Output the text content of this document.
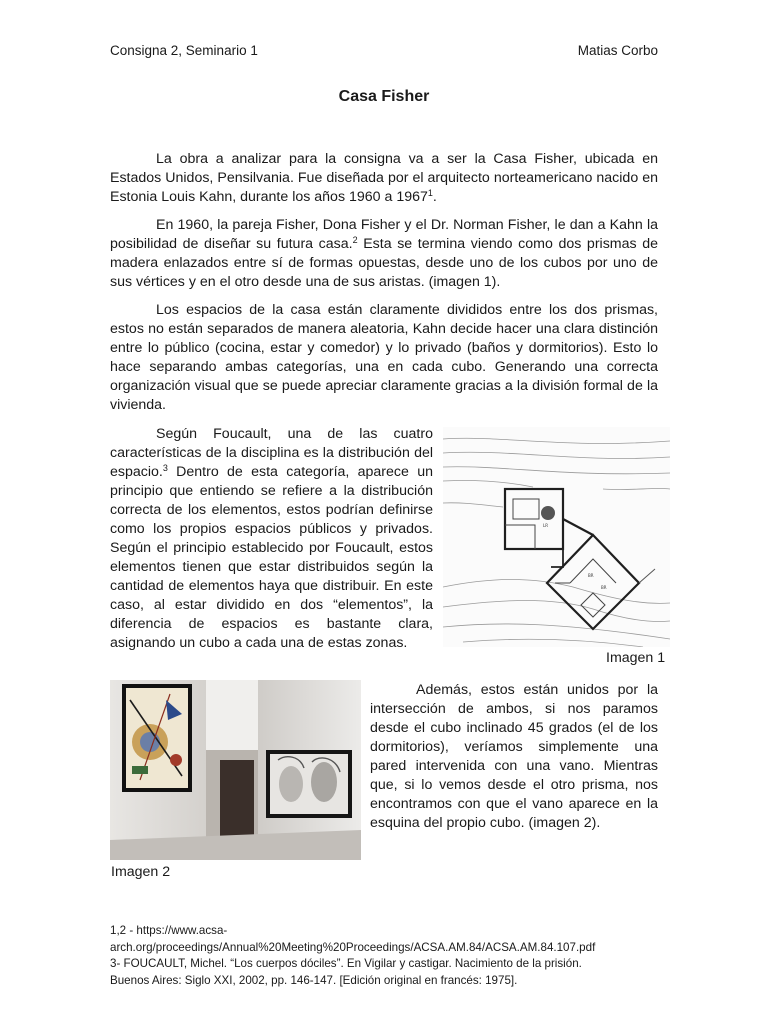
Consigna 2, Seminario 1	Matias Corbo
Casa Fisher

La obra a analizar para la consigna va a ser la Casa Fisher, ubicada en Estados Unidos, Pensilvania. Fue diseñada por el arquitecto norteamericano nacido en Estonia Louis Kahn, durante los años 1960 a 1967$^1$.

En 1960, la pareja Fisher, Dona Fisher y el Dr. Norman Fisher, le dan a Kahn la posibilidad de diseñar su futura casa.$^2$ Esta se termina viendo como dos prismas de madera enlazados entre sí de formas opuestas, desde uno de los cubos por uno de sus vértices y en el otro desde una de sus aristas. (imagen 1).

Los espacios de la casa están claramente divididos entre los dos prismas, estos no están separados de manera aleatoria, Kahn decide hacer una clara distinción entre lo público (cocina, estar y comedor) y lo privado (baños y dormitorios). Esto lo hace separando ambas categorías, una en cada cubo. Generando una correcta organización visual que se puede apreciar claramente gracias a la división formal de la vivienda.

Según Foucault, una de las cuatro características de la disciplina es la distribución del espacio.$^3$ Dentro de esta categoría, aparece un principio que entiendo se refiere a la distribución correcta de los elementos, estos podrían definirse como los propios espacios públicos y privados. Según el principio establecido por Foucault, estos elementos tienen que estar distribuidos según la cantidad de elementos haya que distribuir. En este caso, al estar dividido en dos “elementos”, la diferencia de espacios es bastante clara, asignando un cubo a cada una de estas zonas.

LR
BR
BR
Imagen 1

Además, estos están unidos por la intersección de ambos, si nos paramos desde el cubo inclinado 45 grados (el de los dormitorios), veríamos simplemente una pared intervenida con una vano. Mientras que, si lo vemos desde el otro prisma, nos encontramos con que el vano aparece en la esquina del propio cubo. (imagen 2).

Imagen 2
1,2 - https://www.acsa-
arch.org/proceedings/Annual%20Meeting%20Proceedings/ACSA.AM.84/ACSA.AM.84.107.pdf
3- FOUCAULT, Michel. “Los cuerpos dóciles”. En Vigilar y castigar. Nacimiento de la prisión.
Buenos Aires: Siglo XXI, 2002, pp. 146-147. [Edición original en francés: 1975].
